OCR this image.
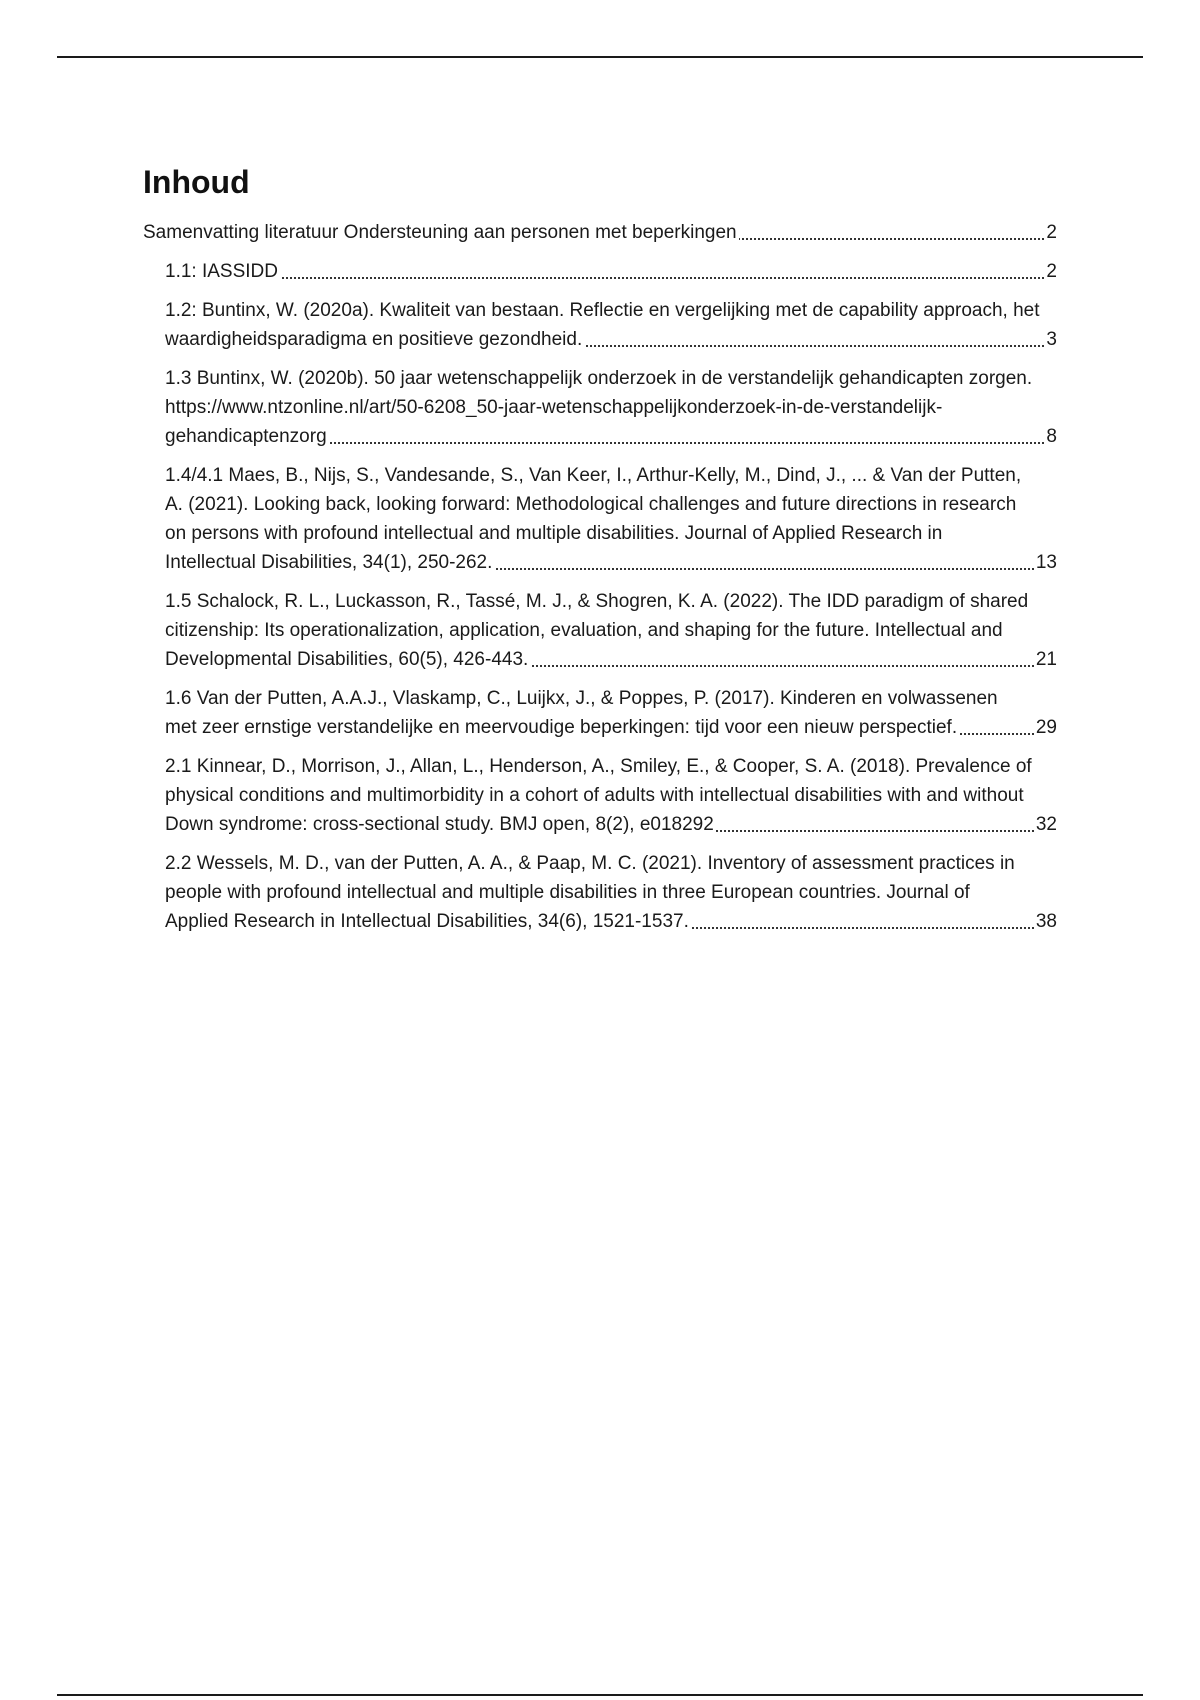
Inhoud
Samenvatting literatuur Ondersteuning aan personen met beperkingen	2
1.1: IASSIDD	2
1.2: Buntinx, W. (2020a). Kwaliteit van bestaan. Reflectie en vergelijking met de capability approach, het waardigheidsparadigma en positieve gezondheid.	3
1.3 Buntinx, W. (2020b). 50 jaar wetenschappelijk onderzoek in de verstandelijk gehandicapten zorgen. https://www.ntzonline.nl/art/50-6208_50-jaar-wetenschappelijkonderzoek-in-de-verstandelijk-gehandicaptenzorg	8
1.4/4.1 Maes, B., Nijs, S., Vandesande, S., Van Keer, I., Arthur-Kelly, M., Dind, J., ... & Van der Putten, A. (2021). Looking back, looking forward: Methodological challenges and future directions in research on persons with profound intellectual and multiple disabilities. Journal of Applied Research in Intellectual Disabilities, 34(1), 250-262.	13
1.5 Schalock, R. L., Luckasson, R., Tassé, M. J., & Shogren, K. A. (2022). The IDD paradigm of shared citizenship: Its operationalization, application, evaluation, and shaping for the future. Intellectual and Developmental Disabilities, 60(5), 426-443.	21
1.6 Van der Putten, A.A.J., Vlaskamp, C., Luijkx, J., & Poppes, P. (2017). Kinderen en volwassenen met zeer ernstige verstandelijke en meervoudige beperkingen: tijd voor een nieuw perspectief.	29
2.1 Kinnear, D., Morrison, J., Allan, L., Henderson, A., Smiley, E., & Cooper, S. A. (2018). Prevalence of physical conditions and multimorbidity in a cohort of adults with intellectual disabilities with and without Down syndrome: cross-sectional study. BMJ open, 8(2), e018292	32
2.2 Wessels, M. D., van der Putten, A. A., & Paap, M. C. (2021). Inventory of assessment practices in people with profound intellectual and multiple disabilities in three European countries. Journal of Applied Research in Intellectual Disabilities, 34(6), 1521-1537.	38
